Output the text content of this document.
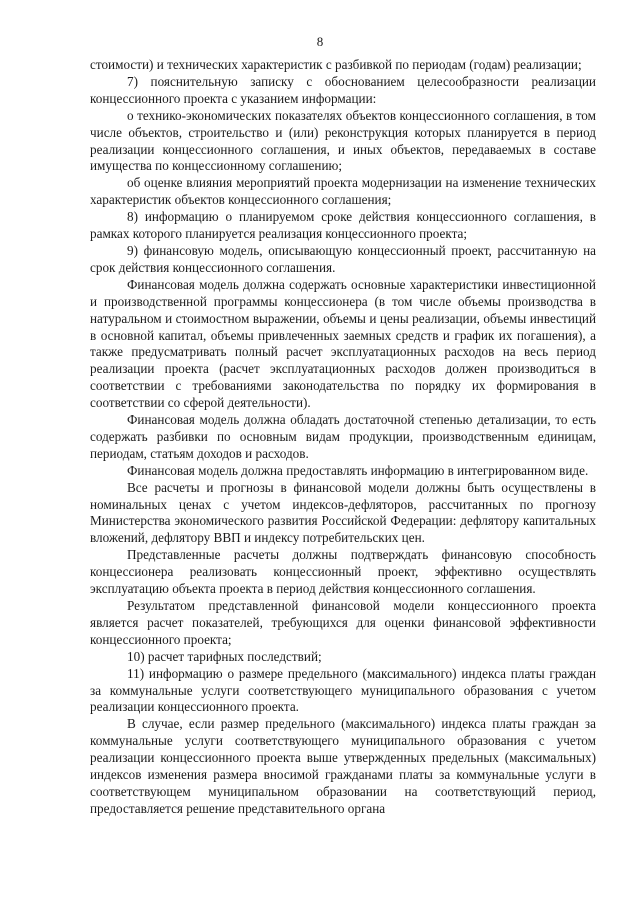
8

стоимости) и технических характеристик с разбивкой по периодам (годам) реализации;

7) пояснительную записку с обоснованием целесообразности реализации концессионного проекта с указанием информации:

о технико-экономических показателях объектов концессионного соглашения, в том числе объектов, строительство и (или) реконструкция которых планируется в период реализации концессионного соглашения, и иных объектов, передаваемых в составе имущества по концессионному соглашению;

об оценке влияния мероприятий проекта модернизации на изменение технических характеристик объектов концессионного соглашения;

8) информацию о планируемом сроке действия концессионного соглашения, в рамках которого планируется реализация концессионного проекта;

9) финансовую модель, описывающую концессионный проект, рассчитанную на срок действия концессионного соглашения.

Финансовая модель должна содержать основные характеристики инвестиционной и производственной программы концессионера (в том числе объемы производства в натуральном и стоимостном выражении, объемы и цены реализации, объемы инвестиций в основной капитал, объемы привлеченных заемных средств и график их погашения), а также предусматривать полный расчет эксплуатационных расходов на весь период реализации проекта (расчет эксплуатационных расходов должен производиться в соответствии с требованиями законодательства по порядку их формирования в соответствии со сферой деятельности).

Финансовая модель должна обладать достаточной степенью детализации, то есть содержать разбивки по основным видам продукции, производственным единицам, периодам, статьям доходов и расходов.

Финансовая модель должна предоставлять информацию в интегрированном виде.

Все расчеты и прогнозы в финансовой модели должны быть осуществлены в номинальных ценах с учетом индексов-дефляторов, рассчитанных по прогнозу Министерства экономического развития Российской Федерации: дефлятору капитальных вложений, дефлятору ВВП и индексу потребительских цен.

Представленные расчеты должны подтверждать финансовую способность концессионера реализовать концессионный проект, эффективно осуществлять эксплуатацию объекта проекта в период действия концессионного соглашения.

Результатом представленной финансовой модели концессионного проекта является расчет показателей, требующихся для оценки финансовой эффективности концессионного проекта;

10) расчет тарифных последствий;

11) информацию о размере предельного (максимального) индекса платы граждан за коммунальные услуги соответствующего муниципального образования с учетом реализации концессионного проекта.

В случае, если размер предельного (максимального) индекса платы граждан за коммунальные услуги соответствующего муниципального образования с учетом реализации концессионного проекта выше утвержденных предельных (максимальных) индексов изменения размера вносимой гражданами платы за коммунальные услуги в соответствующем муниципальном образовании на соответствующий период, предоставляется решение представительного органа
